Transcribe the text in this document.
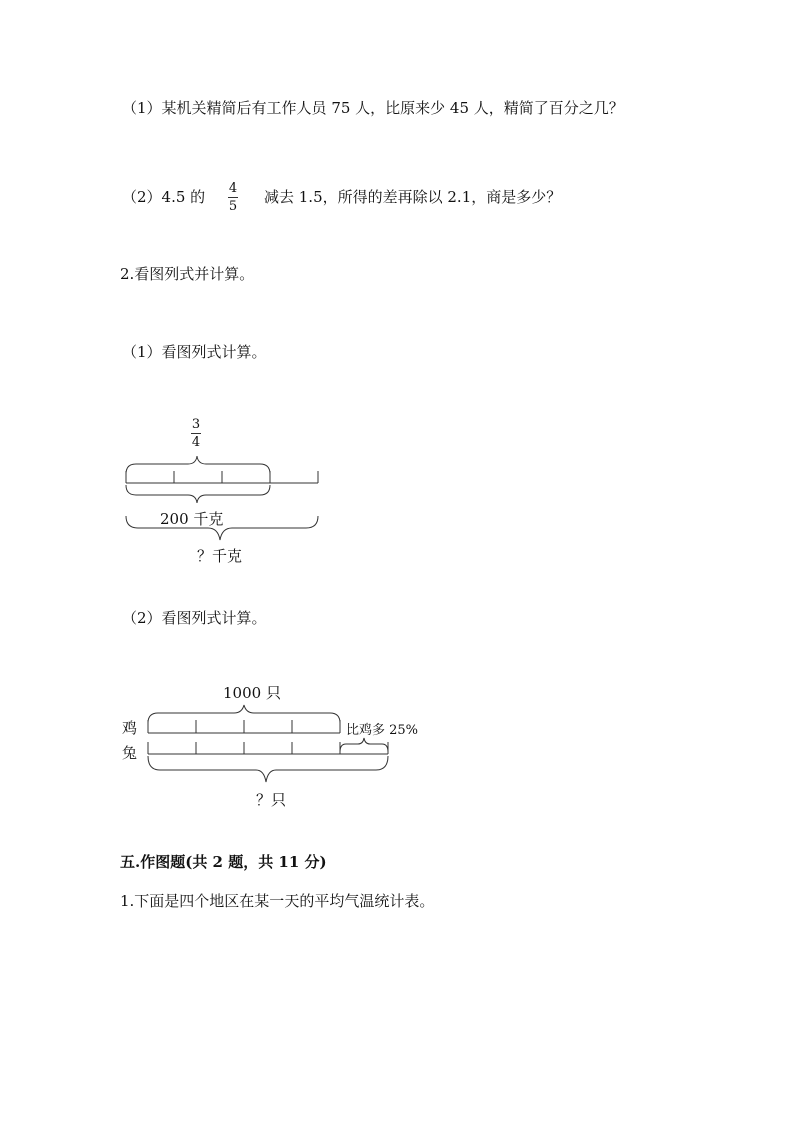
（1）某机关精简后有工作人员 75 人，比原来少 45 人，精简了百分之几？
（2）4.5 的 4
5
减去 1.5，所得的差再除以 2.1，商是多少？
2.看图列式并计算。
（1）看图列式计算。
3
4
200 千克
？千克
（2）看图列式计算。
1000 只
鸡
兔
比鸡多 25%
？只
五.作图题(共 2 题，共 11 分)
1.下面是四个地区在某一天的平均气温统计表。
